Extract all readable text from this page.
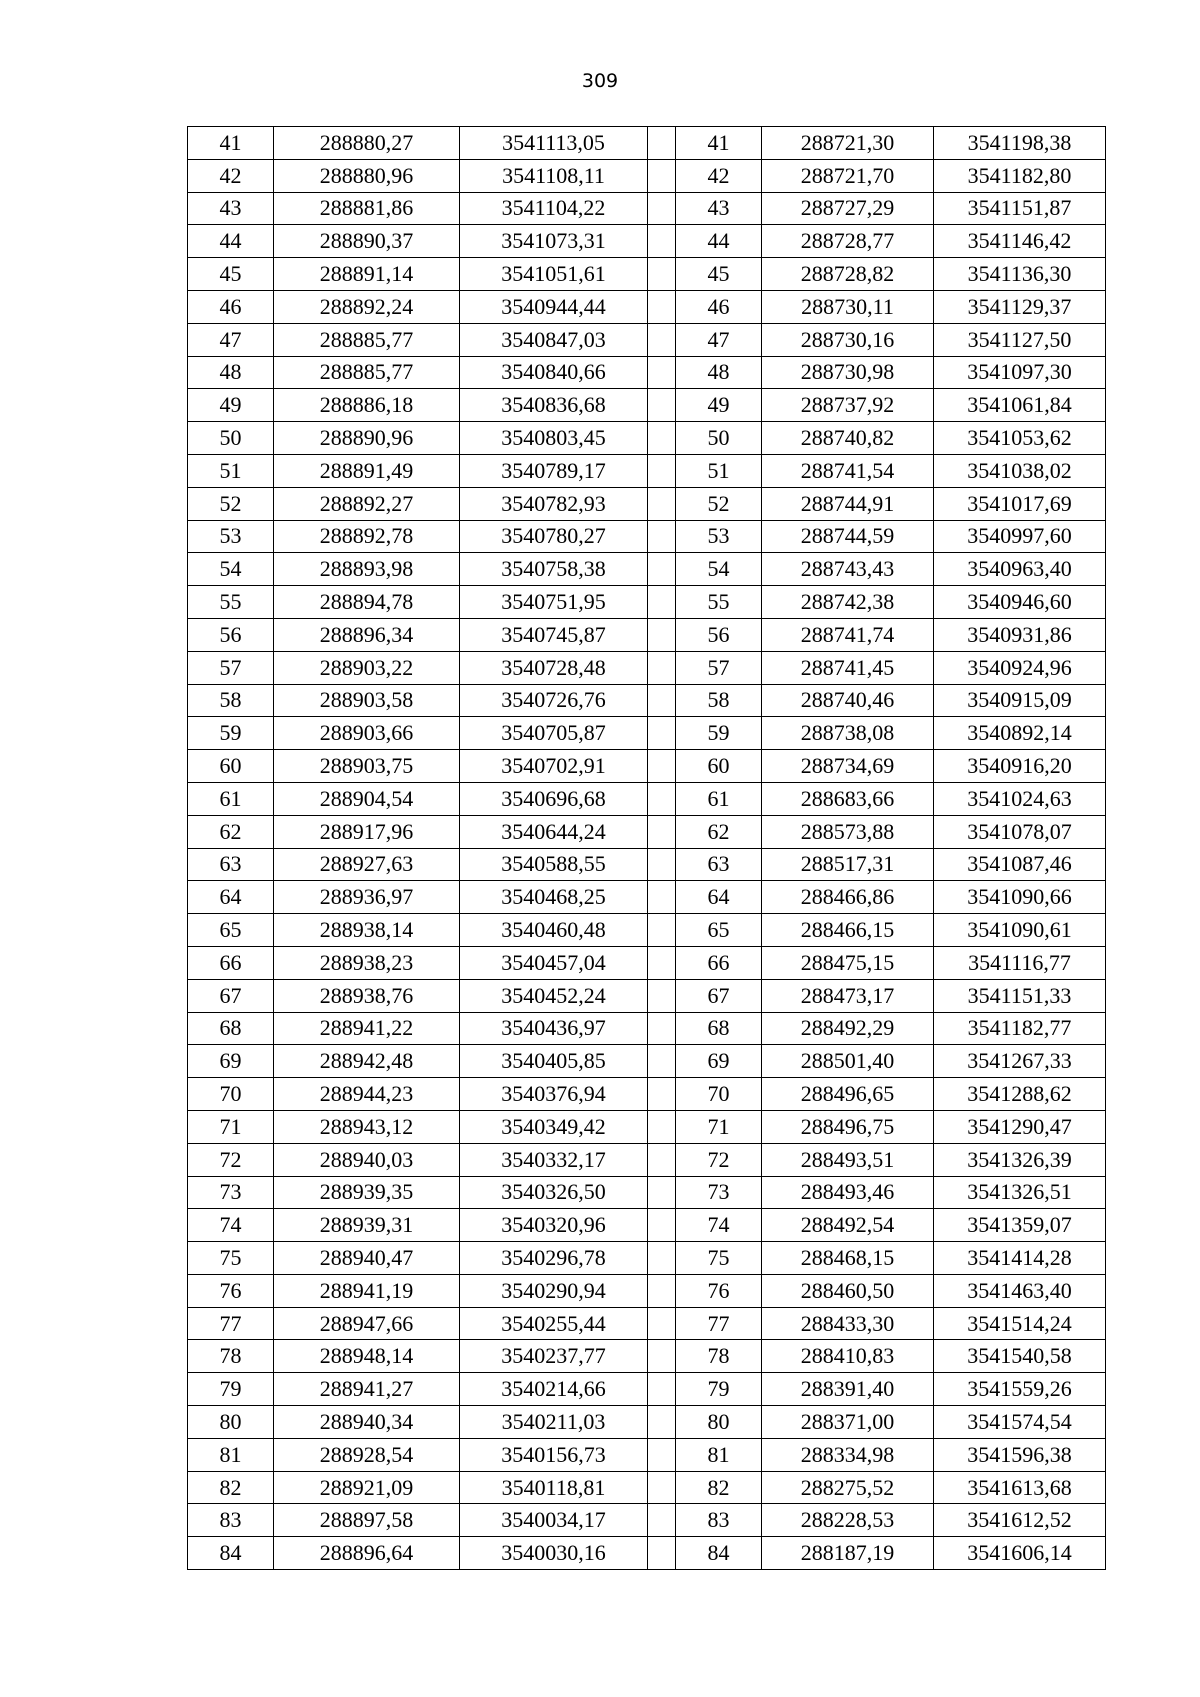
309
41	288880,27	3541113,05		41	288721,30	3541198,38
42	288880,96	3541108,11		42	288721,70	3541182,80
43	288881,86	3541104,22		43	288727,29	3541151,87
44	288890,37	3541073,31		44	288728,77	3541146,42
45	288891,14	3541051,61		45	288728,82	3541136,30
46	288892,24	3540944,44		46	288730,11	3541129,37
47	288885,77	3540847,03		47	288730,16	3541127,50
48	288885,77	3540840,66		48	288730,98	3541097,30
49	288886,18	3540836,68		49	288737,92	3541061,84
50	288890,96	3540803,45		50	288740,82	3541053,62
51	288891,49	3540789,17		51	288741,54	3541038,02
52	288892,27	3540782,93		52	288744,91	3541017,69
53	288892,78	3540780,27		53	288744,59	3540997,60
54	288893,98	3540758,38		54	288743,43	3540963,40
55	288894,78	3540751,95		55	288742,38	3540946,60
56	288896,34	3540745,87		56	288741,74	3540931,86
57	288903,22	3540728,48		57	288741,45	3540924,96
58	288903,58	3540726,76		58	288740,46	3540915,09
59	288903,66	3540705,87		59	288738,08	3540892,14
60	288903,75	3540702,91		60	288734,69	3540916,20
61	288904,54	3540696,68		61	288683,66	3541024,63
62	288917,96	3540644,24		62	288573,88	3541078,07
63	288927,63	3540588,55		63	288517,31	3541087,46
64	288936,97	3540468,25		64	288466,86	3541090,66
65	288938,14	3540460,48		65	288466,15	3541090,61
66	288938,23	3540457,04		66	288475,15	3541116,77
67	288938,76	3540452,24		67	288473,17	3541151,33
68	288941,22	3540436,97		68	288492,29	3541182,77
69	288942,48	3540405,85		69	288501,40	3541267,33
70	288944,23	3540376,94		70	288496,65	3541288,62
71	288943,12	3540349,42		71	288496,75	3541290,47
72	288940,03	3540332,17		72	288493,51	3541326,39
73	288939,35	3540326,50		73	288493,46	3541326,51
74	288939,31	3540320,96		74	288492,54	3541359,07
75	288940,47	3540296,78		75	288468,15	3541414,28
76	288941,19	3540290,94		76	288460,50	3541463,40
77	288947,66	3540255,44		77	288433,30	3541514,24
78	288948,14	3540237,77		78	288410,83	3541540,58
79	288941,27	3540214,66		79	288391,40	3541559,26
80	288940,34	3540211,03		80	288371,00	3541574,54
81	288928,54	3540156,73		81	288334,98	3541596,38
82	288921,09	3540118,81		82	288275,52	3541613,68
83	288897,58	3540034,17		83	288228,53	3541612,52
84	288896,64	3540030,16		84	288187,19	3541606,14
